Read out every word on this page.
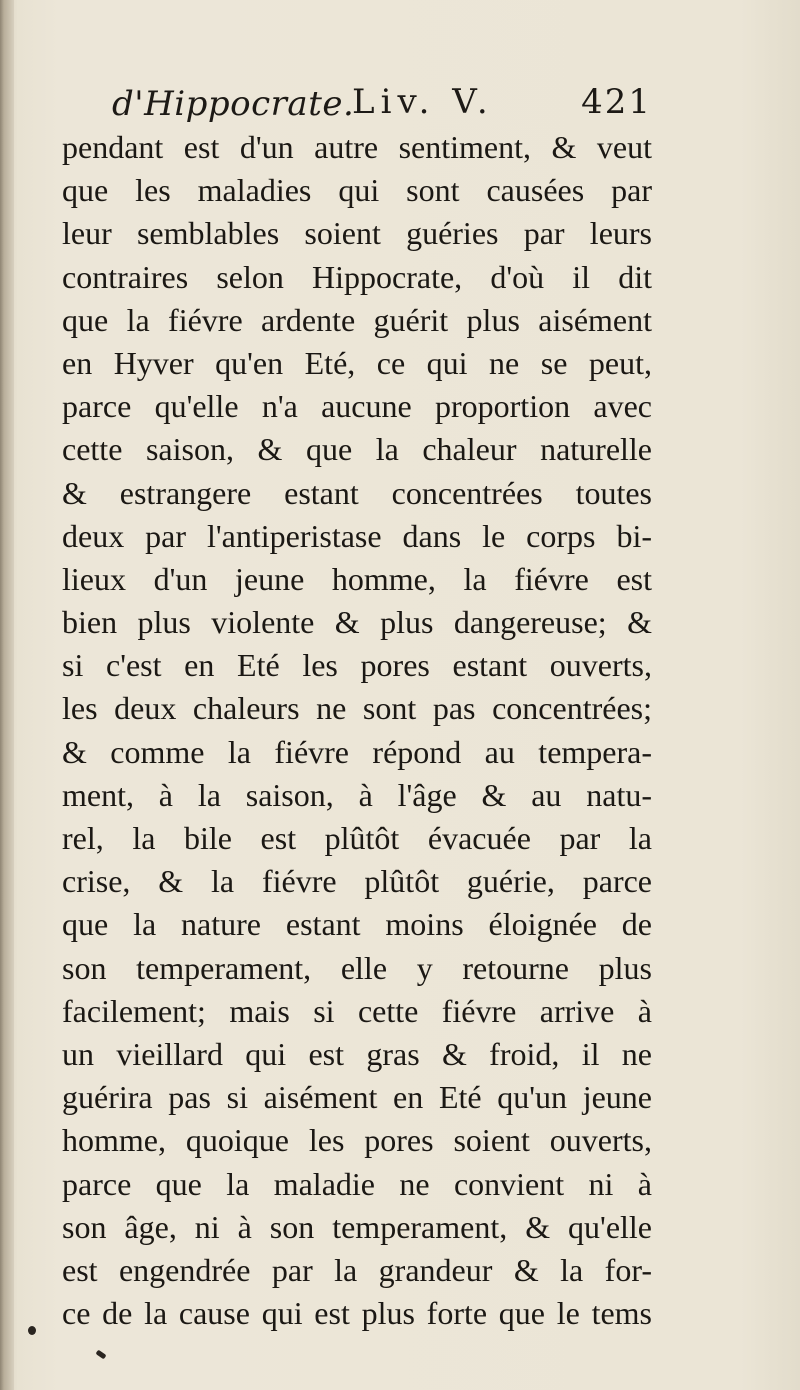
d'Hippocrate.
Liv. V.	421
pendant est d'un autre sentiment, & veut
que les maladies qui sont causées par
leur semblables soient guéries par leurs
contraires selon Hippocrate, d'où il dit
que la fiévre ardente guérit plus aisément
en Hyver qu'en Eté, ce qui ne se peut,
parce qu'elle n'a aucune proportion avec
cette saison, & que la chaleur naturelle
& estrangere estant concentrées toutes
deux par l'antiperistase dans le corps bi-
lieux d'un jeune homme, la fiévre est
bien plus violente & plus dangereuse; &
si c'est en Eté les pores estant ouverts,
les deux chaleurs ne sont pas concentrées;
& comme la fiévre répond au tempera-
ment, à la saison, à l'âge & au natu-
rel, la bile est plûtôt évacuée par la
crise, & la fiévre plûtôt guérie, parce
que la nature estant moins éloignée de
son temperament, elle y retourne plus
facilement; mais si cette fiévre arrive à
un vieillard qui est gras & froid, il ne
guérira pas si aisément en Eté qu'un jeune
homme, quoique les pores soient ouverts,
parce que la maladie ne convient ni à
son âge, ni à son temperament, & qu'elle
est engendrée par la grandeur & la for-
ce de la cause qui est plus forte que le tems
